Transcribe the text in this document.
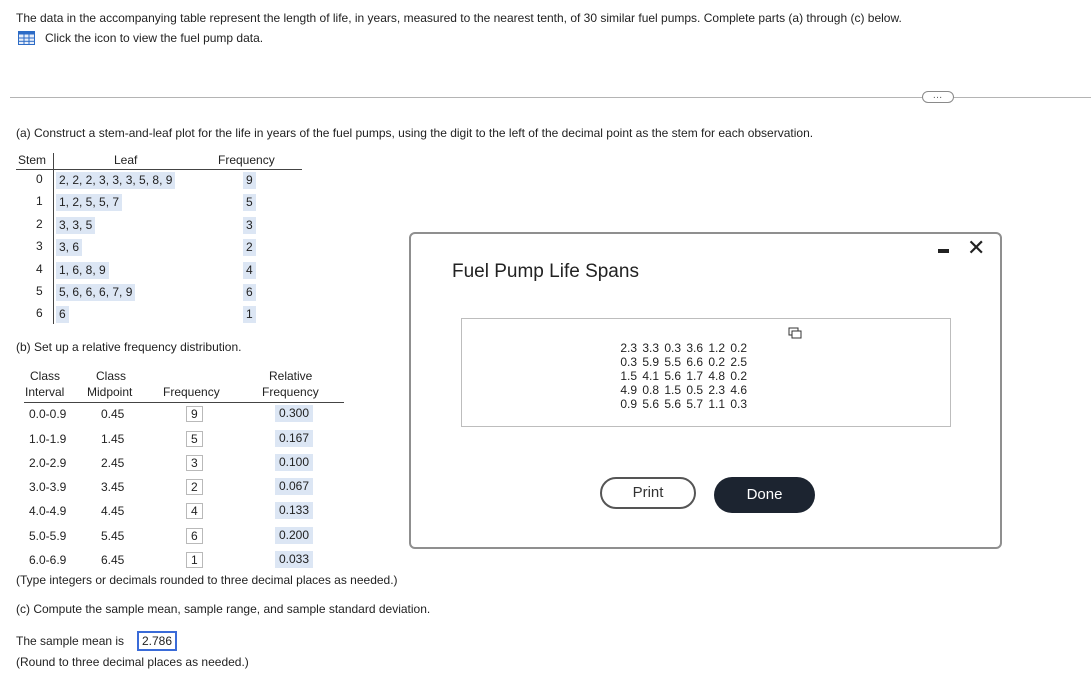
The data in the accompanying table represent the length of life, in years, measured to the nearest tenth, of 30 similar fuel pumps. Complete parts (a) through (c) below.
Click the icon to view the fuel pump data.
…
(a) Construct a stem-and-leaf plot for the life in years of the fuel pumps, using the digit to the left of the decimal point as the stem for each observation.
Stem	Leaf	Frequency
0 2, 2, 2, 3, 3, 3, 5, 8, 9	9
1 1, 2, 5, 5, 7	5
2 3, 3, 5	3
3 3, 6	2
4 1, 6, 8, 9	4
5 5, 6, 6, 6, 7, 9	6
6 6	1
(b) Set up a relative frequency distribution.
Class
Interval
Class
Midpoint	Frequency
Relative
Frequency
0.0-0.9	0.45	9	0.300
1.0-1.9	1.45	5	0.167
2.0-2.9	2.45	3	0.100
3.0-3.9	3.45	2	0.067
4.0-4.9	4.45	4	0.133
5.0-5.9	5.45	6	0.200
6.0-6.9	6.45	1	0.033
(Type integers or decimals rounded to three decimal places as needed.)
(c) Compute the sample mean, sample range, and sample standard deviation.
The sample mean is	2.786
(Round to three decimal places as needed.)
Fuel Pump Life Spans
✕
2.3 3.3 0.3 3.6 1.2 0.2
0.3 5.9 5.5 6.6 0.2 2.5
1.5 4.1 5.6 1.7 4.8 0.2
4.9 0.8 1.5 0.5 2.3 4.6
0.9 5.6 5.6 5.7 1.1 0.3
Print	Done
